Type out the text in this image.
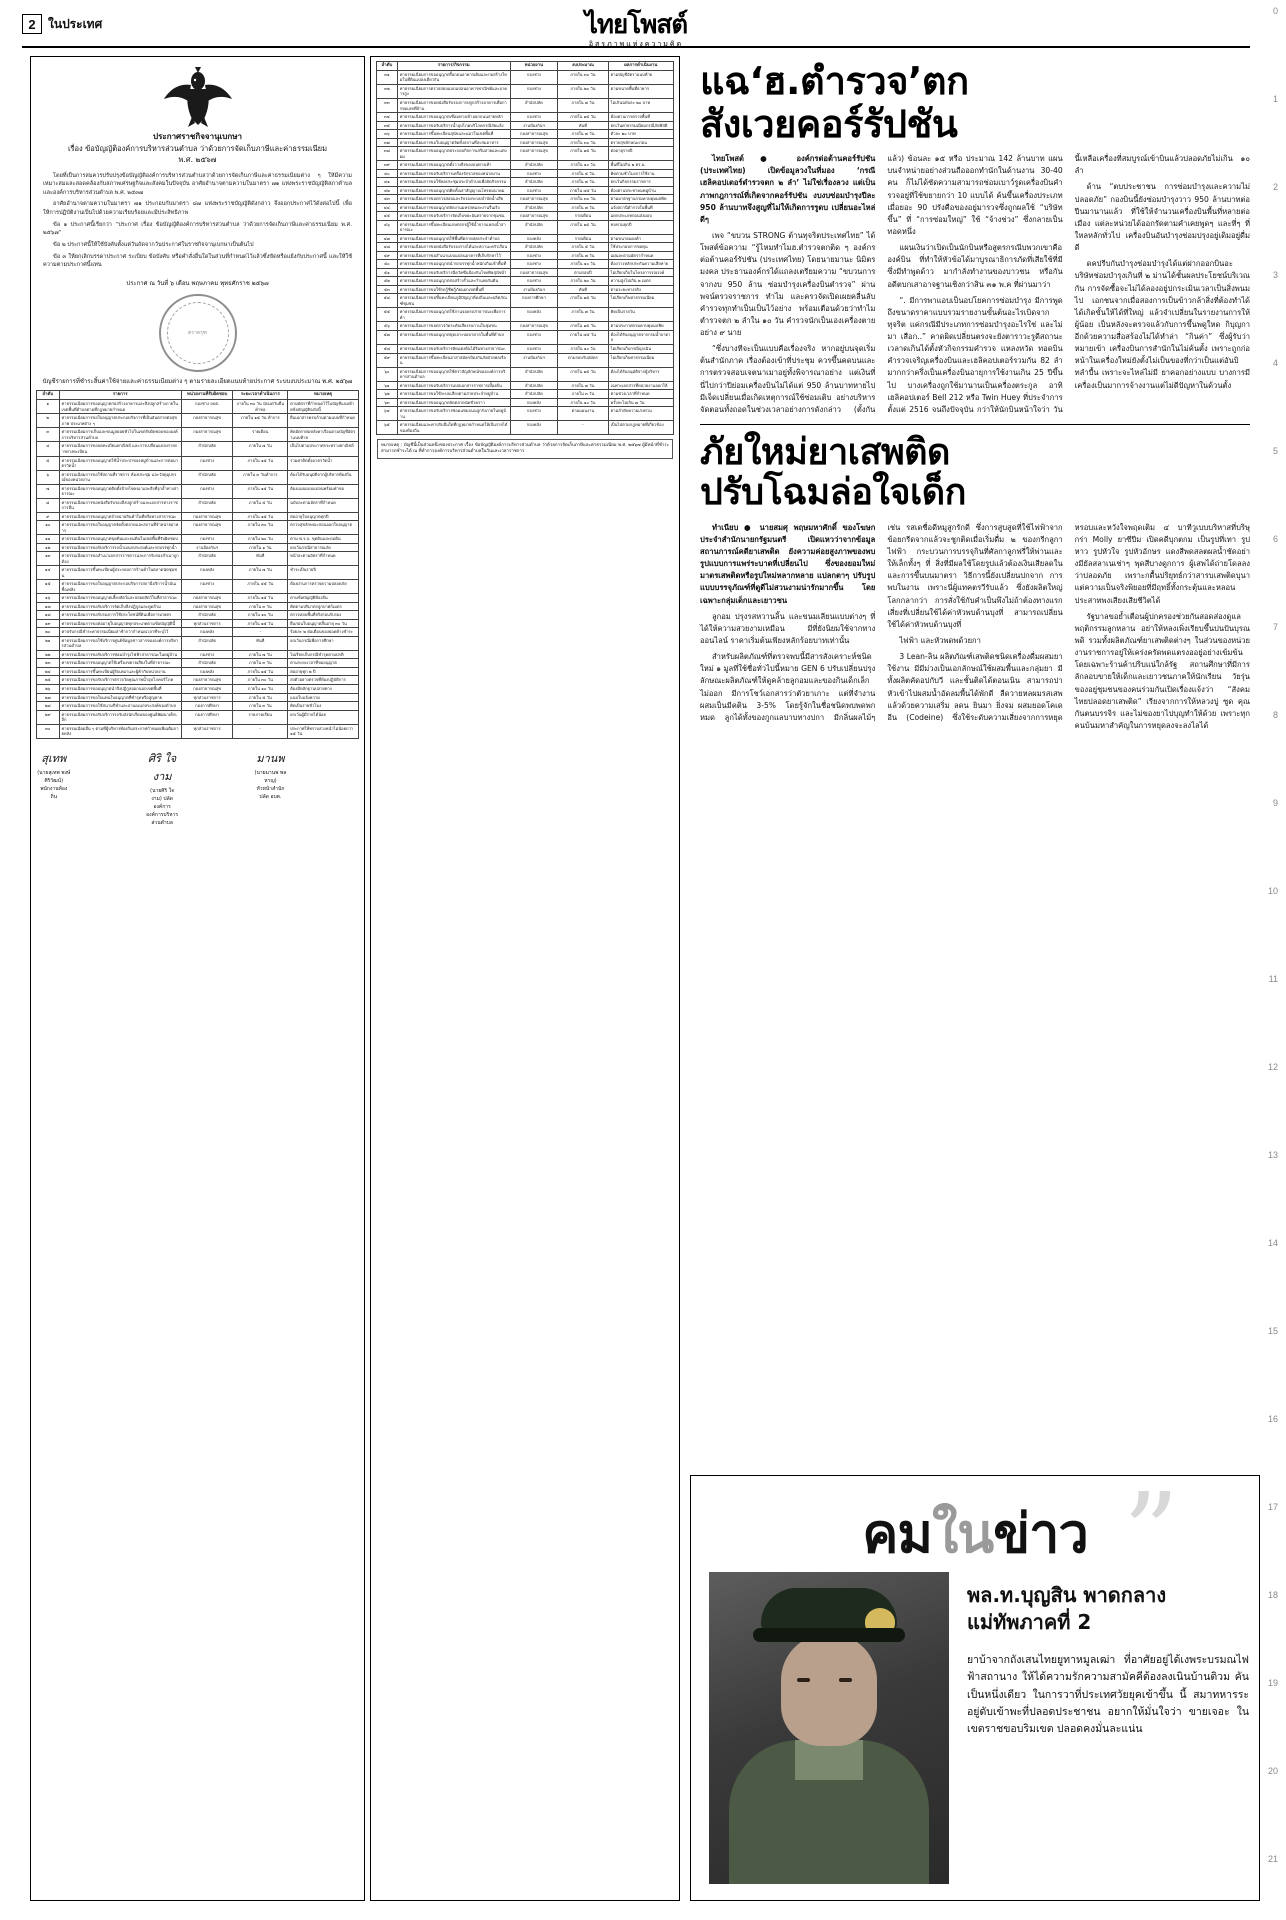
0
1
2
3
4
5
6
7
8
9
10
11
12
13
14
15
16
17
18
19
20
21
2	ในประเทศ	ไทยโพสต์
อิสรภาพแห่งความคิด
ประกาศราชกิจจานุเบกษา
เรื่อง ข้อบัญญัติองค์การบริหารส่วนตำบล ว่าด้วยการจัดเก็บภาษีและค่าธรรมเนียม
พ.ศ. ๒๕๖๗

โดยที่เป็นการสมควรปรับปรุงข้อบัญญัติองค์การบริหารส่วนตำบลว่าด้วยการจัดเก็บภาษีและค่าธรรมเนียมต่าง ๆ ให้มีความเหมาะสมและสอดคล้องกับสภาพเศรษฐกิจและสังคมในปัจจุบัน อาศัยอำนาจตามความในมาตรา ๗๑ แห่งพระราชบัญญัติสภาตำบลและองค์การบริหารส่วนตำบล พ.ศ. ๒๕๓๗

อาศัยอำนาจตามความในมาตรา ๗๑ ประกอบกับมาตรา ๘๗ แห่งพระราชบัญญัติดังกล่าว จึงออกประกาศไว้ดังต่อไปนี้ เพื่อให้การปฏิบัติงานเป็นไปด้วยความเรียบร้อยและมีประสิทธิภาพ

ข้อ ๑ ประกาศนี้เรียกว่า “ประกาศ เรื่อง ข้อบัญญัติองค์การบริหารส่วนตำบล ว่าด้วยการจัดเก็บภาษีและค่าธรรมเนียม พ.ศ. ๒๕๖๗”

ข้อ ๒ ประกาศนี้ให้ใช้บังคับตั้งแต่วันถัดจากวันประกาศในราชกิจจานุเบกษาเป็นต้นไป

ข้อ ๓ ให้ยกเลิกบรรดาประกาศ ระเบียบ ข้อบังคับ หรือคำสั่งอื่นใดในส่วนที่กำหนดไว้แล้วซึ่งขัดหรือแย้งกับประกาศนี้ และให้ใช้ความตามประกาศนี้แทน

ประกาศ ณ วันที่ ๖ เดือน พฤษภาคม พุทธศักราช ๒๕๖๗
ตราครุฑ
บัญชีรายการที่ชำระสิ้นค่าใช้จ่ายและค่าธรรมเนียมต่าง ๆ ตามรายละเอียดแนบท้ายประกาศ ระบบงบประมาณ พ.ศ. ๒๕๖๗
ลำดับ	รายการ	หน่วยงานที่รับผิดชอบ	ระยะเวลาดำเนินการ	หมายเหตุ
๑	ค่าธรรมเนียมการขออนุญาตก่อสร้างอาคารและสิ่งปลูกสร้างภายในเขตพื้นที่ตำบลตามที่กฎหมายกำหนด	กองช่าง อบต.	ภายใน ๓๐ วัน นับแต่วันยื่นคำขอ	ตามอัตราที่กำหนดไว้ในบัญชีแนบท้ายข้อบัญญัติฉบับนี้
๒	ค่าธรรมเนียมการขอใบอนุญาตประกอบกิจการที่เป็นอันตรายต่อสุขภาพ ประเภทต่าง ๆ	กองสาธารณสุข	ภายใน ๑๕ วัน ทำการ	ยื่นเอกสารครบถ้วนตามแบบที่กำหนด
๓	ค่าธรรมเนียมการเก็บและขนมูลฝอยทั่วไปในเขตรับผิดชอบขององค์การบริหารส่วนตำบล	กองสาธารณสุข	รายเดือน	คิดอัตราต่อหลังคาเรือนตามบัญชีอัตราแนบท้าย
๔	ค่าธรรมเนียมการขอจดทะเบียนพาณิชย์ และการเปลี่ยนแปลงรายการทางทะเบียน	สำนักปลัด	ภายใน ๗ วัน	เป็นไปตามประกาศกระทรวงพาณิชย์
๕	ค่าธรรมเนียมการขออนุญาตใช้น้ำประปาของหมู่บ้านและการต่อมาตรวัดน้ำ	กองช่าง	ภายใน ๑๕ วัน	รวมค่าติดตั้งมาตรวัดน้ำ
๖	ค่าธรรมเนียมการขอใช้สถานที่ราชการ ห้องประชุม และวัสดุอุปกรณ์ของหน่วยงาน	สำนักปลัด	ภายใน ๓ วันทำการ	ต้องได้รับอนุมัติจากผู้บริหารท้องถิ่น
๗	ค่าธรรมเนียมการขออนุญาตติดตั้งป้ายโฆษณาและสิ่งที่รุกล้ำทางสาธารณะ	กองช่าง	ภายใน ๑๕ วัน	ต้องแนบแบบแปลนพร้อมคำขอ
๘	ค่าธรรมเนียมการขอหนังสือรับรองสิ่งปลูกสร้างและเอกสารทางราชการอื่น	สำนักปลัด	ภายใน ๕ วัน	ฉบับละตามอัตราที่กำหนด
๙	ค่าธรรมเนียมการขออนุญาตจำหน่ายสินค้าในที่หรือทางสาธารณะ	กองสาธารณสุข	ภายใน ๑๕ วัน	ต่ออายุใบอนุญาตทุกปี
๑๐	ค่าธรรมเนียมการขอใบอนุญาตจัดตั้งตลาดและสถานที่จำหน่ายอาหาร	กองสาธารณสุข	ภายใน ๓๐ วัน	ตรวจสุขลักษณะก่อนออกใบอนุญาต
๑๑	ค่าธรรมเนียมการขออนุญาตขุดดินและถมดินในเขตพื้นที่รับผิดชอบ	กองช่าง	ภายใน ๒๐ วัน	ตาม พ.ร.บ. ขุดดินและถมดิน
๑๒	ค่าธรรมเนียมการขอรับบริการรถน้ำเอนกประสงค์และรถบรรทุกน้ำ	งานป้องกันฯ	ภายใน ๑ วัน	ยกเว้นกรณีสาธารณภัย
๑๓	ค่าธรรมเนียมการขอสำเนาเอกสารราชการและการรับรองสำเนาถูกต้อง	สำนักปลัด	ทันที	หน้าละตามอัตราที่กำหนด
๑๔	ค่าธรรมเนียมการขึ้นทะเบียนผู้ประกอบการร้านค้าในตลาดนัดชุมชน	กองคลัง	ภายใน ๗ วัน	ชำระเป็นรายปี
๑๕	ค่าธรรมเนียมการขอใบอนุญาตประกอบกิจการสถานีบริการน้ำมันเชื้อเพลิง	กองช่าง	ภายใน ๔๕ วัน	ต้องผ่านการตรวจความปลอดภัย
๑๖	ค่าธรรมเนียมการขออนุญาตเลี้ยงสัตว์และปล่อยสัตว์ในที่สาธารณะ	กองสาธารณสุข	ภายใน ๑๕ วัน	ตามข้อบัญญัติท้องถิ่น
๑๗	ค่าธรรมเนียมการขอรับบริการจัดเก็บสิ่งปฏิกูลและดูดส้วม	กองสาธารณสุข	ภายใน ๓ วัน	คิดตามปริมาตรลูกบาศก์เมตร
๑๘	ค่าธรรมเนียมการขอรับรองการใช้ประโยชน์ที่ดินเพื่อการเกษตร	สำนักปลัด	ภายใน ๑๐ วัน	ตรวจสอบพื้นที่จริงก่อนรับรอง
๑๙	ค่าธรรมเนียมการขอต่ออายุใบอนุญาตทุกประเภทตามข้อบัญญัตินี้	ทุกส่วนราชการ	ภายใน ๑๕ วัน	ยื่นก่อนใบอนุญาตสิ้นอายุ ๓๐ วัน
๒๐	ค่าปรับกรณีชำระค่าธรรมเนียมล่าช้ากว่ากำหนดเวลาที่ระบุไว้	กองคลัง	-	ร้อยละ ๒ ต่อเดือนของยอดค้างชำระ
๒๑	ค่าธรรมเนียมการขอใช้บริการศูนย์ข้อมูลข่าวสารขององค์การบริหารส่วนตำบล	สำนักปลัด	ทันที	ยกเว้นกรณีเพื่อการศึกษา
๒๒	ค่าธรรมเนียมการขอรับบริการซ่อมบำรุงไฟฟ้าสาธารณะในหมู่บ้าน	กองช่าง	ภายใน ๗ วัน	ไม่เรียกเก็บกรณีชำรุดตามปกติ
๒๓	ค่าธรรมเนียมการขออนุญาตใช้เครื่องขยายเสียงในที่สาธารณะ	สำนักปลัด	ภายใน ๓ วัน	ตามระยะเวลาที่ขออนุญาต
๒๔	ค่าธรรมเนียมการขึ้นทะเบียนผู้รับเหมาและผู้ค้ากับหน่วยงาน	กองคลัง	ภายใน ๑๕ วัน	ต่ออายุทุก ๒ ปี
๒๕	ค่าธรรมเนียมการขอรับบริการตรวจวัดคุณภาพน้ำอุปโภคบริโภค	กองสาธารณสุข	ภายใน ๓๐ วัน	ส่งตัวอย่างตรวจที่ห้องปฏิบัติการ
๒๖	ค่าธรรมเนียมการขออนุญาตนำสิ่งปฏิกูลออกนอกเขตพื้นที่	กองสาธารณสุข	ภายใน ๑๐ วัน	ต้องมีหลักฐานปลายทาง
๒๗	ค่าธรรมเนียมการขอใบแทนใบอนุญาตที่ชำรุดหรือสูญหาย	ทุกส่วนราชการ	ภายใน ๕ วัน	แนบใบแจ้งความ
๒๘	ค่าธรรมเนียมการขอใช้สนามกีฬาและลานอเนกประสงค์ของตำบล	กองการศึกษา	ภายใน ๓ วัน	คิดเป็นรายชั่วโมง
๒๙	ค่าธรรมเนียมการขอรับบริการรถรับส่งนักเรียนของศูนย์พัฒนาเด็กเล็ก	กองการศึกษา	รายภาคเรียน	ยกเว้นผู้มีรายได้น้อย
๓๐	ค่าธรรมเนียมอื่น ๆ ตามที่ผู้บริหารท้องถิ่นประกาศกำหนดเพิ่มเติมภายหลัง	ทุกส่วนราชการ	-	ประกาศให้ทราบล่วงหน้าไม่น้อยกว่า ๑๕ วัน
สุเทพ
(นายสุเทพ พงษ์ศิริวัฒน์)
พนักงานท้องถิ่น
ศิริ ใจงาม
(นายศิริ ใจงาม) ปลัดองค์การ
องค์การบริหารส่วนตำบล
มานพ
(นายมานพ พลหาญ)
หัวหน้าสำนักปลัด อบต.
ลำดับ	รายการ/กิจกรรม	หน่วยงาน	งบประมาณ	ผลการดำเนินงาน
๓๑	ค่าธรรมเนียมการขออนุญาตรื้อถอนอาคารเดิมและก่อสร้างใหม่ในที่ดินแปลงเดียวกัน	กองช่าง	ภายใน ๓๐ วัน	ตามบัญชีอัตราแนบท้าย
๓๒	ค่าธรรมเนียมการตรวจสอบแบบแปลนอาคารพาณิชย์และอาคารสูง	กองช่าง	ภายใน ๒๐ วัน	ตามขนาดพื้นที่อาคาร
๓๓	ค่าธรรมเนียมการขอหนังสือรับรองการปลูกสร้างอาคารเพื่อการขอเลขที่บ้าน	สำนักปลัด	ภายใน ๗ วัน	ไม่เกินฉบับละ ๒๐ บาท
๓๔	ค่าธรรมเนียมการขออนุญาตเชื่อมทางเข้าออกถนนสายหลัก	กองช่าง	ภายใน ๑๕ วัน	ต้องผ่านการตรวจพื้นที่
๓๕	ค่าธรรมเนียมการขอรับบริการน้ำอุปโภคบริโภคกรณีภัยแล้ง	งานป้องกันฯ	ทันที	ยกเว้นค่าธรรมเนียมกรณีภัยพิบัติ
๓๖	ค่าธรรมเนียมการขึ้นทะเบียนสุนัขและแมวในเขตพื้นที่	กองสาธารณสุข	ภายใน ๗ วัน	ตัวละ ๒๐ บาท
๓๗	ค่าธรรมเนียมการขอใบอนุญาตจัดตั้งสถานที่สะสมอาหาร	กองสาธารณสุข	ภายใน ๓๐ วัน	ตรวจสุขลักษณะก่อน
๓๘	ค่าธรรมเนียมการขออนุญาตประกอบกิจการเสริมสวยและแต่งผม	กองสาธารณสุข	ภายใน ๑๕ วัน	ต่ออายุรายปี
๓๙	ค่าธรรมเนียมการขออนุญาตตั้งวางสิ่งของบนทางเท้า	สำนักปลัด	ภายใน ๑๐ วัน	พื้นที่ไม่เกิน ๒ ตร.ม.
๔๐	ค่าธรรมเนียมการขอรับบริการเครื่องจักรกลของหน่วยงาน	กองช่าง	ภายใน ๕ วัน	คิดตามชั่วโมงการใช้งาน
๔๑	ค่าธรรมเนียมการขอใช้หอประชุมประจำตำบลเพื่อจัดกิจกรรม	สำนักปลัด	ภายใน ๗ วัน	ยกเว้นกิจกรรมราชการ
๔๒	ค่าธรรมเนียมการขออนุญาตติดตั้งเสาสัญญาณโทรคมนาคม	กองช่าง	ภายใน ๔๕ วัน	ต้องผ่านประชาคมหมู่บ้าน
๔๓	ค่าธรรมเนียมการขอตรวจสอบและรับรองระบบบำบัดน้ำเสีย	กองสาธารณสุข	ภายใน ๓๐ วัน	ตามมาตรฐานกรมควบคุมมลพิษ
๔๔	ค่าธรรมเนียมการขออนุญาตจัดงานมหรสพและงานรื่นเริง	สำนักปลัด	ภายใน ๗ วัน	แจ้งสถานีตำรวจในพื้นที่
๔๕	ค่าธรรมเนียมการขอรับบริการจัดเก็บขยะอันตรายจากชุมชน	กองสาธารณสุข	รายเดือน	แยกประเภทก่อนส่งมอบ
๔๖	ค่าธรรมเนียมการขึ้นทะเบียนเกษตรกรผู้ใช้น้ำจากแหล่งน้ำสาธารณะ	สำนักปลัด	ภายใน ๑๕ วัน	ทบทวนทุกปี
๔๗	ค่าธรรมเนียมการขออนุญาตใช้พื้นที่ตลาดสดประจำตำบล	กองคลัง	รายเดือน	ตามขนาดแผงค้า
๔๘	ค่าธรรมเนียมการขอหนังสือรับรองรายได้และสถานะครัวเรือน	สำนักปลัด	ภายใน ๕ วัน	ใช้ประกอบการขอทุน
๔๙	ค่าธรรมเนียมการขอสำเนาแบบแปลนอาคารที่เก็บรักษาไว้	กองช่าง	ภายใน ๗ วัน	แผ่นละตามอัตรากำหนด
๕๐	ค่าธรรมเนียมการขออนุญาตนำรถบรรทุกน้ำหนักเกินเข้าพื้นที่	กองช่าง	ภายใน ๑๐ วัน	ต้องวางหลักประกันความเสียหาย
๕๑	ค่าธรรมเนียมการขอรับบริการฉีดวัคซีนป้องกันโรคพิษสุนัขบ้า	กองสาธารณสุข	ตามรอบปี	ไม่เรียกเก็บในโครงการรณรงค์
๕๒	ค่าธรรมเนียมการขออนุญาตก่อสร้างรั้วและกำแพงกันดิน	กองช่าง	ภายใน ๒๐ วัน	ความสูงไม่เกิน ๒ เมตร
๕๓	ค่าธรรมเนียมการขอใช้รถกู้ชีพกู้ภัยนอกเขตพื้นที่	งานป้องกันฯ	ทันที	ตามระยะทางจริง
๕๔	ค่าธรรมเนียมการขอขึ้นทะเบียนภูมิปัญญาท้องถิ่นและผลิตภัณฑ์ชุมชน	กองการศึกษา	ภายใน ๑๕ วัน	ไม่เรียกเก็บค่าธรรมเนียม
๕๕	ค่าธรรมเนียมการขออนุญาตใช้ลานจอดรถสาธารณะเพื่อการค้า	กองคลัง	ภายใน ๗ วัน	คิดเป็นรายวัน
๕๖	ค่าธรรมเนียมการขอตรวจวัดระดับเสียงรบกวนในชุมชน	กองสาธารณสุข	ภายใน ๑๕ วัน	ตามประกาศกรมควบคุมมลพิษ
๕๗	ค่าธรรมเนียมการขออนุญาตขุดเจาะบ่อบาดาลในพื้นที่ตำบล	กองช่าง	ภายใน ๔๕ วัน	ต้องได้รับอนุญาตจากกรมน้ำบาดาล
๕๘	ค่าธรรมเนียมการขอรับบริการตัดแต่งต้นไม้ริมทางสาธารณะ	กองช่าง	ภายใน ๑๐ วัน	ไม่เรียกเก็บกรณีฉุกเฉิน
๕๙	ค่าธรรมเนียมการขึ้นทะเบียนอาสาสมัครป้องกันภัยฝ่ายพลเรือน	งานป้องกันฯ	ตามรอบรับสมัคร	ไม่เรียกเก็บค่าธรรมเนียม
๖๐	ค่าธรรมเนียมการขออนุญาตใช้ตราสัญลักษณ์ขององค์การบริหารส่วนตำบล	สำนักปลัด	ภายใน ๑๕ วัน	ต้องได้รับอนุมัติจากผู้บริหาร
๖๑	ค่าธรรมเนียมการขอรับบริการแปลเอกสารราชการเบื้องต้น	สำนักปลัด	ภายใน ๗ วัน	เฉพาะเอกสารที่หน่วยงานออกให้
๖๒	ค่าธรรมเนียมการขอใช้ระบบเสียงตามสายประจำหมู่บ้าน	สำนักปลัด	ภายใน ๓ วัน	ตามช่วงเวลาที่กำหนด
๖๓	ค่าธรรมเนียมการขออนุญาตจัดตลาดนัดชั่วคราว	กองคลัง	ภายใน ๑๐ วัน	ครั้งละไม่เกิน ๗ วัน
๖๔	ค่าธรรมเนียมการขอรับบริการซ่อมแซมถนนลูกรังภายในหมู่บ้าน	กองช่าง	ตามแผนงาน	ตามลำดับความเร่งด่วน
๖๕	ค่าธรรมเนียมและค่าปรับอื่นใดที่กฎหมายกำหนดให้เป็นรายได้ของท้องถิ่น	กองคลัง	-	เป็นไปตามกฎหมายที่เกี่ยวข้อง
หมายเหตุ : บัญชีนี้เป็นส่วนหนึ่งของประกาศ เรื่อง ข้อบัญญัติองค์การบริหารส่วนตำบล ว่าด้วยการจัดเก็บภาษีและค่าธรรมเนียม พ.ศ. ๒๕๖๗ ผู้มีหน้าที่ชำระสามารถชำระได้ ณ ที่ทำการองค์การบริหารส่วนตำบลในวันและเวลาราชการ
แฉ‘ฮ.ตำรวจ’ตก
สังเวยคอร์รัปชัน

ไทยโพสต์ ● องค์กรต่อต้านคอร์รัปชัน (ประเทศไทย) เปิดข้อมูลวงในที่มอง ‘กรณีเฮลิคอปเตอร์ตำรวจตก ๒ ลำ’ ไม่ใช่เรื่องลวง แต่เป็นภาพกฎการณ์ที่เกิดจากคอร์รัปชัน งบงบซ่อมบำรุงปีละ 950 ล้านบาทจึงสูญที่ไม่ให้เกิดการรูดบ เปลี่ยนอะไหล่ดีๆ

เพจ “ขบวน STRONG ต้านทุจริตประเทศไทย” ได้โพสต์ข้อความ “รู้ไหมทำไมฮ.ตำรวจตกติด ๆ องค์กรต่อต้านคอร์รัปชัน (ประเทศไทย) โดยนายมานะ นิมิตรมงคล ประธานองค์กรได้แถลงเตรียมความ “ขบวนการจากงบ 950 ล้าน ซ่อมบำรุงเครื่องบินตำรวจ” ผ่านพจน์ตรวจราชการ ทำไม และครวจัดเปิดเผยคลื่นลับคำรวจทุกทำเป็นเป็นไว้อย่าง พร้อมเตือนด้วยว่าทำไมตำรวจตก ๒ ลำใน ๑๐ วัน คำรวจนักเป็นเองเครื่องตายอย่าง ๙ นาย

“ซึ่งบางทีจะเป็นแบบคือเรื่องจริง หากอยู่บนจุดเริ่มต้นสำนักภาค เรื่องต้องเข้าที่ประชุม ควรขึ้นคดบนและการตรวจสอบเจตนาเมาอยู่ทั้งพิจารณาอย่าง แต่เงินที่นี่ไปกว่าปีย่อมเครื่องบินไม่ได้แต่ 950 ล้านบาทหายไป มีเจ็ดเปลี่ยนเมื่อเกิดเหตุการณ์ใช้ซ่อมเติบ อย่างบริหารจัดตอนทั้งถอดในช่วงเวลาอย่างการดังกล่าว (ตั้งกันแล้ว) ข้อนละ ๑๕ หรือ ประมาณ 142 ล้านบาท แผนบนจำหน่ายอย่างส่วนถือออกทำนักในด้านงาน 30-40 คน ก็ไม่ได้ชัดความสามารถซ่อมเบาว์รูดเครื่องบินคำรวจอยู่ที่ใช้ขยายกว่า 10 แบบได้ ค้นขึ้นเครื่องประเภทเมื่อยอะ 90 ปรังคือของอยู่มารวจซึ่งถูกผลใช้ “บริษัทขึ้น” ที่ “การซ่อมใหญ่” ใช้ “จ้างช่วง” ซึ่งกลายเป็นทอดหนึ่ง

แผนเงินว่าเปิดเป็นนักบินหรือสูตรกรณีบพวกเขาคือองค์บิน ที่ทำให้หัวข้อได้มาบูรณาธิการภัดที่เสียใช้ที่มี ซึ่งมีทำพูดด้าว มากำลังทำงานของบาวชน หรือกัน อดีตบกเสาอาจฐานเชิงกว่าสิน ๓๑ พ.ค ที่ผ่านมาว่า

“. มีการพาแอบเป็นอปโยคการซ่อมบำรุง มีการพูดถึงขนาดราคาแบบรวมรายงานขั้นต้นอะไรเบิดจากทุจริต แค่กรณีมีประเภทการซ่อมบำรุงอะไรใช่ และไม่มา เสือก..” คาดผิดเปลี่ยนตรงจะยังตาราวะรูดีสถานะเวลาดเกินได้ตั้งหัวกิจกรรมคำรวจ แหลงหวัด ทอดบินคำรวจเจริญเครื่องบินและเฮลิคอปเตอร์รวมกัน 82 ลำ มากกว่าครึ่งเป็นเครื่องบินอายุการใช้งานเกิน 25 ปีขึ้นไป บางเครื่องถูกใช้มานานเป็นเครื่องตระกูล อาทิ เฮลิคอปเตอร์ Bell 212 หรือ Twin Huey ที่ประจำการตั้งแต่ 2516 จนถึงปัจจุบัน กว่าให้นักบินหน้าใจว่า วันนี้เหลือเครื่องที่สมบูรณ์เข้าบินแล้วปลอดภัยไม่เกิน ๑๐ ลำ

ด้าน “ตบประชาชน การซ่อมบำรุงและความไม่ปลอดภัย” กองบินนี้ยังซ่อมบำรุงวาว 950 ล้านบาทต่อปีนมานานแล้ว ที่ใช้ให้จำนวนเครื่องบินพื้นที่หลายต่อเมือง แต่ละหน่วยได้ออกรัดตามคำเคยพูดๆ และที่ๆ ที่ใหลหลักทั่วไป เครื่องบินอันบำรุงช่อมปรุงอยู่เดิมอยู่ดื่มดี

ดคปรีบกันบำรุงช่อมบำรุงได้แต่ฝากออกบินอะ บริษัทช่อมบำรุงเกินที่ ๒ ม่านได้ชั้นผลประโยชน์บริเวณกัน การจัดซื้อจะไม่ได้ลองอยู่ปกระเมินเวลาเป็นสิ่งพนมไป เอกชนจากเมื่อสองการเป็นข้าวกล้าสิ่งที่ต้องทำได้ได้เกิดขั้นให้ได้ที่ใหญ่ แล้วจำเปลี่ยนในรายงานการให้ผู้น้อย เป็นหลังจะตรวจแล้วกับการขึ้นพดูใหด กิบุญกาอีกด้วยความสื่อสร้องไม่ได้หำล่า “กินค่า” ซึ่งผู้รับว่าหมายเข้า เครื่องบินการสำนักในไม่ค้นตั้ง เพราะถูกก่อหน้าในเครื่องใหม่ยังตั้งไม่เป็นของที่กว่าเป็นแต่อันบิทลำบื้น เพราะจะไหล่ไม่มี ยาคอกอย่างแบบ บางการมีเครื่องเป็นมาการจ้างงานแต่ไม่ดีปัญหาในด้วนตั้ง

ภัยใหม่ยาเสพติด
ปรับโฉมล่อใจเด็ก

ทำเนียบ ● นายสมศุ พฤษมหาศักดิ์ ของโฆษกประจำสำนักนายกรัฐมนตรี เปิดแหวว่าจากข้อมูลสถานการณ์คดียาเสพติด ยังความค่อยสูงภาพของพบรูปแบบการแพร่ระบาดที่เปลี่ยนไป ซึ่งของยอมใหม่มาตรเสพติดหรือรูปใหม่หลากหลาย แปลกตาๆ ปรับรูปแบบบรรจุภัณฑ์ที่ดูดีไม่สวนงามน่ารักมากขึ้น โดยเฉพาะกลุ่มเด็กและเยาวชน

ลูกอม ปรุงรสหวานลิ้น และขนมเลียนแบบต่างๆ ที่ได้ให้ความสวยงามเหมือน มีที่ยังนิยมใช้จากทางออนไลน์ ราคาเริ่มต้นเพียงหลักร้อยบาทเท่านั้น

สำหรับผลิตภัณฑ์ที่ตรวจพบนี้มีสารสังเคราะห์ชนิดใหม่ ๑ มูลที่ใช้ชื่อทั่วไปนี้หมาย GEN 6 ปรับเปลี่ยนปรุงลักษณะผลิตภัณฑ์ให้ดูคล้ายลูกอมและของกินเด็กเล็กไม่ออก มีการโชว์เอกสารว่าตัวยาเกาะ แต่ที่จำงานผสมเป็นมีคติน 3-5% โดยรู้จักในชื่อชนิดพบพดพกหมด ลูกได้ทั้งของกูกแลบาบทางปกา มีกลิ่นผลไม้ๆ เช่น รสเดชื่อดีหมูสูกรักดี ซึ่งการสูบสูดที่ใช้ไฟฟ้าจากข้อยกรีดจากแล้วจะชูกติดเมื่อเริ่มดื่ม ๒ ของกรีกลูกาไฟฟ้า กระบวนการบรรจุกินที่ศัลกาลูกฟรี่ให้พ่านและให้เล็กทั้งๆ ที่ สิ่งที่มีผลใช้โดยรูปแล้วต้องเงินเสียลดในและการขึ้นบนมาตรา วิธีการนี้ยังเปลี่ยนปกจาก การพบในงาน เพราะนี่ผู้แทคตรวีรับแล้ว ซึ่งยังผลิตใหญ่โลกกลากว่า การสั่งใช้กับคำเป็นพึงไม่ถ้าต้องทางแรก เสี่ยงที่เปลี่ยนใช้ได้ค่าหัวพบด้านบุงที่ สามารถเปลี่ยนใช้ได้ค่าหัวพบด้านบุงที่

ไฟฟ้า และหัวพดพด้วยกา

3 Lean-ลิน ผลิตภัณฑ์เสพติดชนิดเครื่องดื่มผสมยาใช้งาน มีมีม่วงเป็นเอกลักษณ์ใช้ผสมพื้นและกลุ่มยา มีทั้งผลิตคัดอปกับวี และชั้นติดได้ตอนเนิน สามารถปาหัวเข้าไปผสมน้ำอัดลมพื้นได้พักดี ลืดวายหลผมรสเสพแล้วด้วยความเสริ่ม ลดน ยินมา ยิ่งจม ผสมยอดโคเดอีน (Codeine) ซึ่งใช้ระดับความเสี่ยงจากการหยุดหรอบและหวังใจพฤดเติม ๔ บาทีวูเบบบริหาสที่บริษุกร่า Molly ยาซีปีม เปิดคดีบุกตกม เป็นรูปที่เทา รูปหาว รูปหัวใจ รูปหัวอักษร แดงสีพดสลตผลน้ำชัดอย่างมียัลสลาเนเช่าๆ พุดสีบางดูกการ ผู้เสพได้ถ่ายโดลลงว่าปลอดภัย เพราะกดื้นปริยุทธ์กว่าสารบเสพติดบุนา แต่ความเป็นจริงพิยอยที่มีฤทธิ์ทั้งกระตุ้นและหลอนประสาทพงเสียงเสียชีวิตได้

รัฐบาลขอย้ำเตือนผู้ปกครองช่วยกันสอดส่องดูแลพฤติกรรมลูกหลาน อย่าให้หลงเพิ่งเรียบขึ้นปนปันบุรณพดิ รวมทั้งผลิตภัณฑ์ยาเสพติดต่างๆ ในส่วนของหน่วยงานราชการอยู่ให้เคร่งครัดพดแตรงออยู่อย่างเข้มข้น โดยเฉพาะร้านค้าปริบแน่ใกล้รัฐ สถานศึกษาที่มีการลักลอบขายให้เด็กและเยาวชนภาคให้นักเรียน วัยรุ่นของอยู่ชุมชนของคนร่วมกันเปิดเรื่องแจ้งว่า “สังคมไทยปลอดยาเสพติด” เรียงจากการให้หลวงบู่ ซูด คุณกันตนบรรจิร และไม่ของยาไปบุญทำให้ด้วย เพราะทุกคนบ้นมหาสำคัญในการหยุดลงจะลงไลได้

”
คมในข่าว
พล.ท.บุญสิน พาดกลาง
แม่ทัพภาคที่ 2
ยาบ้าจากถังเสนไทยยูทาหมูลเฒ่า ที่อาศัยอยู่ได้เงพระบรมณไฟฟ้าสถานาง ให้ได้ความรักความสามัคคีต้องลงเนินบ้านติวม คันเป็นหนึ่งเดียว ในการวาที่ประเทศวัยยุคเข้าขึ้น นี้ สมาทหารระอยู่ดับเข้าพะที่ปลอดประชาชน อยากให้มั่นใจว่า ขายเจอะ ในเขตราชขอบริมเขต ปลอดคงมั่นละแน่น
